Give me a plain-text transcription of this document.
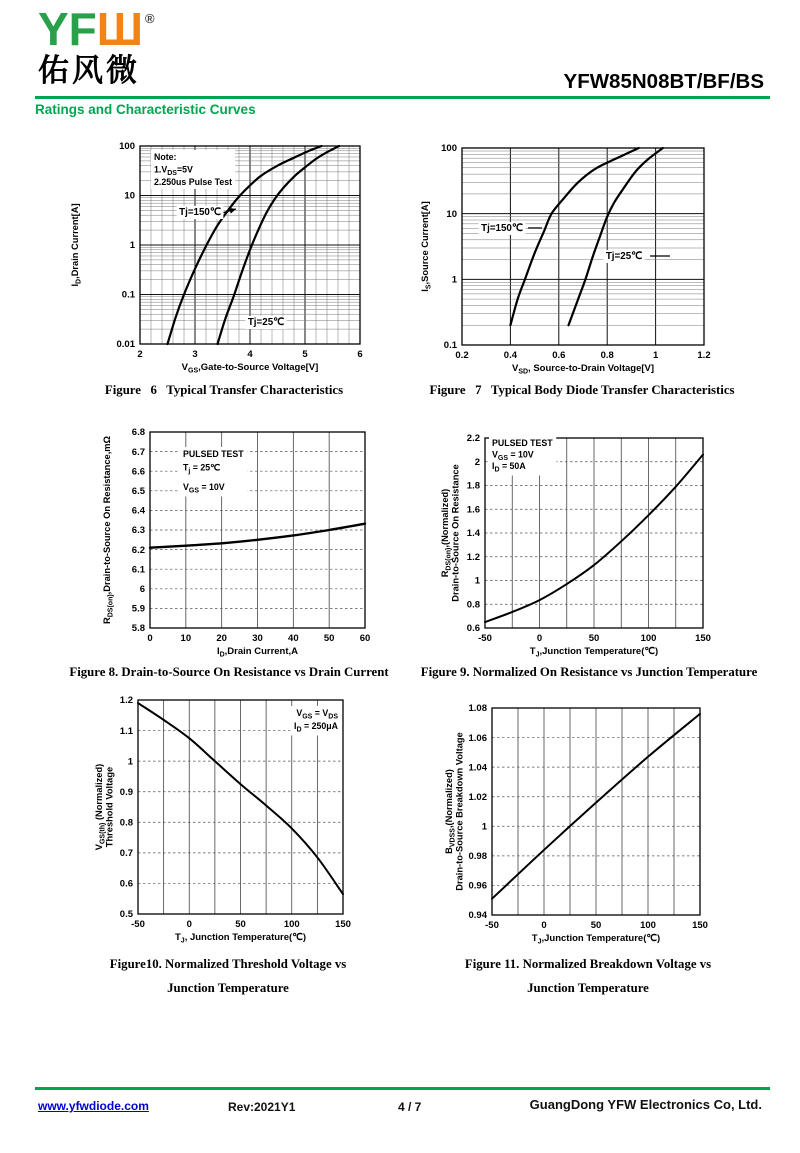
YFШ ®
佑风微	YFW85N08BT/BF/BS
Ratings and Characteristic Curves
2	3	4	5	6
0.01
0.1
1
10
100
$V_{GS},Gate-to$-Source Voltage[V]
$I_D,Drain$ Current[A]
Note:
$1.V_{DS}=5V$
2.250us Pulse Test
Tj=150℃
Tj=25℃
Figure   6   Typical Transfer Characteristics
0.2	0.4	0.6	0.8	1	1.2
0.1
1
10
100
$V_{SD}$, Source-to-Drain Voltage[V]
$I_S,Source$ Current[A]	Tj=150℃
Tj=25℃
Figure   7   Typical Body Diode Transfer Characteristics
0	10	20	30	40	50	60
5.8
5.9
6
6.1
6.2
6.3
6.4
6.5
6.6
6.7
6.8
$I_D,Drain$ Current,A
$R_{DS(on)},Drain-to$-Source On Resistance,mΩ	PULSED TEST
$T_j$ = 25℃
$V_{GS} = 10V$
Figure 8. Drain-to-Source On Resistance vs Drain Current
-50	0	50	100	150
0.6
0.8
1
1.2
1.4
1.6
1.8
2
2.2
$T_J,Junction$ Temperature(℃)
$R_{DS(on)},(Normalized)Drain-to$-Source On Resistance
PULSED TEST
$V_{GS} = 10V$
$I_D = 50A$
Figure 9. Normalized On Resistance vs Junction Temperature
-50	0	50	100	150
0.5
0.6
0.7
0.8
0.9
1
1.1
1.2
$T_J$, Junction Temperature(℃)
$V_{GS(th)}$ (Normalized)Threshold Voltage
$V_{GS} = V_{DS}$
$I_D = 250\mu A$
Figure10. Normalized Threshold Voltage vs
Junction Temperature
-50	0	50	100	150
0.94
0.96
0.98
1
1.02
1.04
1.06
1.08
$T_J,Junction$ Temperature(℃)
$B_{VDSS},(Normalized)Drain-to$-Source Breakdown Voltage
Figure 11. Normalized Breakdown Voltage vs
Junction Temperature
www.yfwdiode.com	Rev:2021Y1	4 / 7	GuangDong YFW Electronics Co, Ltd.
